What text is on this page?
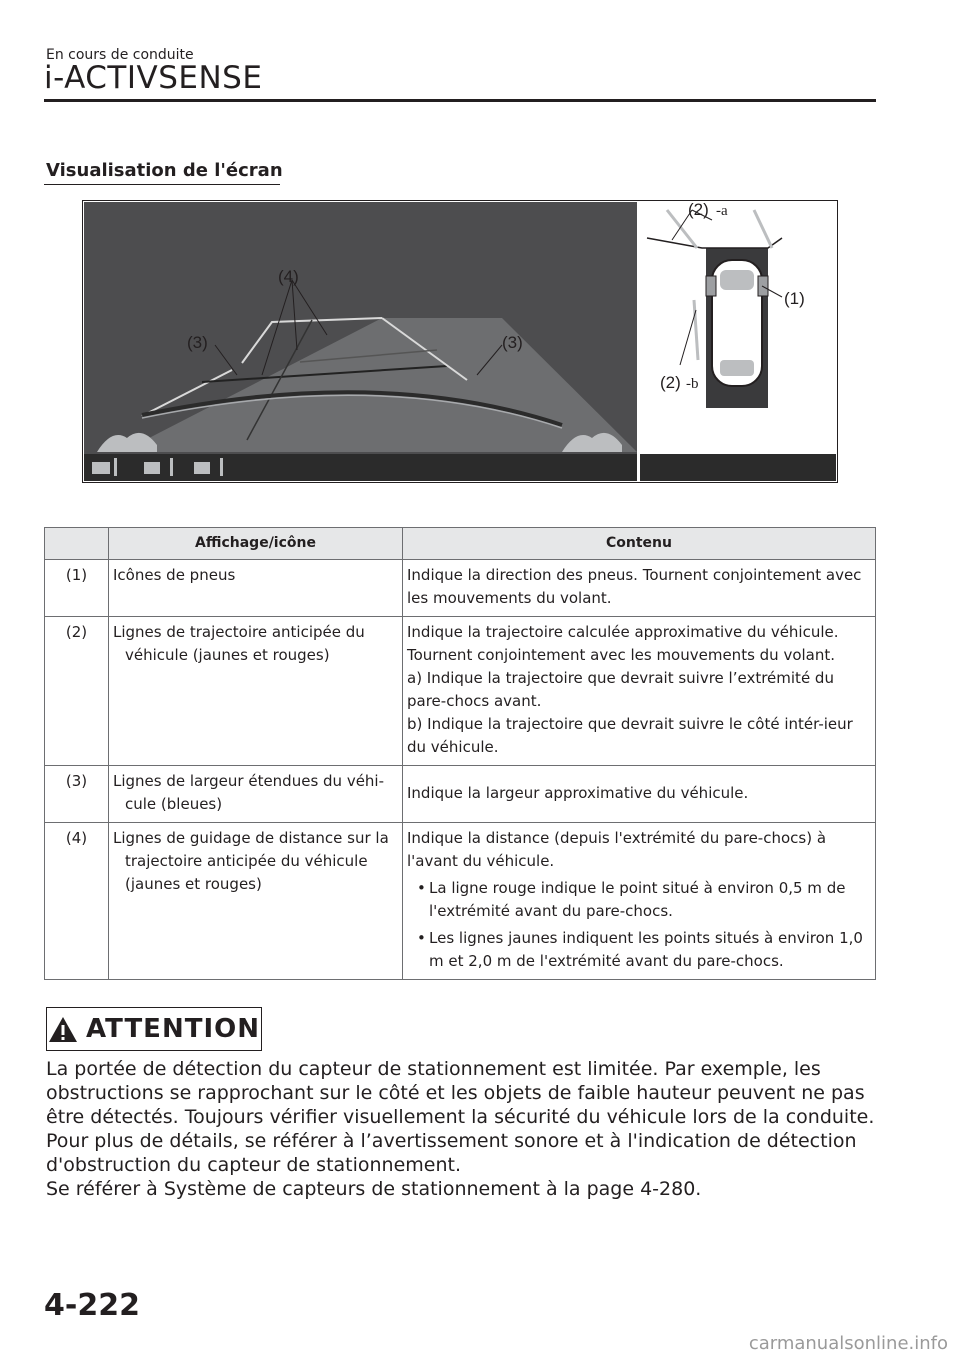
En cours de conduite
i-ACTIVSENSE
Visualisation de l'écran
(4)
(3)	(3)
(1)
(2) -a
(2) -b
	Affichage/icône	Contenu
(1)	Icônes de pneus	Indique la direction des pneus. Tournent conjointement avec les mouvements du volant.
(2)	Lignes de trajectoire anticipée du véhicule (jaunes et rouges)	Indique la trajectoire calculée approximative du véhicule. Tournent conjointement avec les mouvements du volant.
a) Indique la trajectoire que devrait suivre l’extrémité du pare-chocs avant.
b) Indique la trajectoire que devrait suivre le côté intér-ieur du véhicule.

(3)	Lignes de largeur étendues du véhi-cule (bleues)	Indique la largeur approximative du véhicule.
(4)	Lignes de guidage de distance sur la trajectoire anticipée du véhicule (jaunes et rouges)	Indique la distance (depuis l'extrémité du pare-chocs) à l'avant du véhicule.
• La ligne rouge indique le point situé à environ 0,5 m de l'extrémité avant du pare-chocs.
• Les lignes jaunes indiquent les points situés à environ 1,0 m et 2,0 m de l'extrémité avant du pare-chocs.
ATTENTION

La portée de détection du capteur de stationnement est limitée. Par exemple, les obstructions se rapprochant sur le côté et les objets de faible hauteur peuvent ne pas être détectés. Toujours vérifier visuellement la sécurité du véhicule lors de la conduite.

Pour plus de détails, se référer à l’avertissement sonore et à l'indication de détection d'obstruction du capteur de stationnement.

Se référer à Système de capteurs de stationnement à la page 4-280.

4-222
carmanualsonline.info
